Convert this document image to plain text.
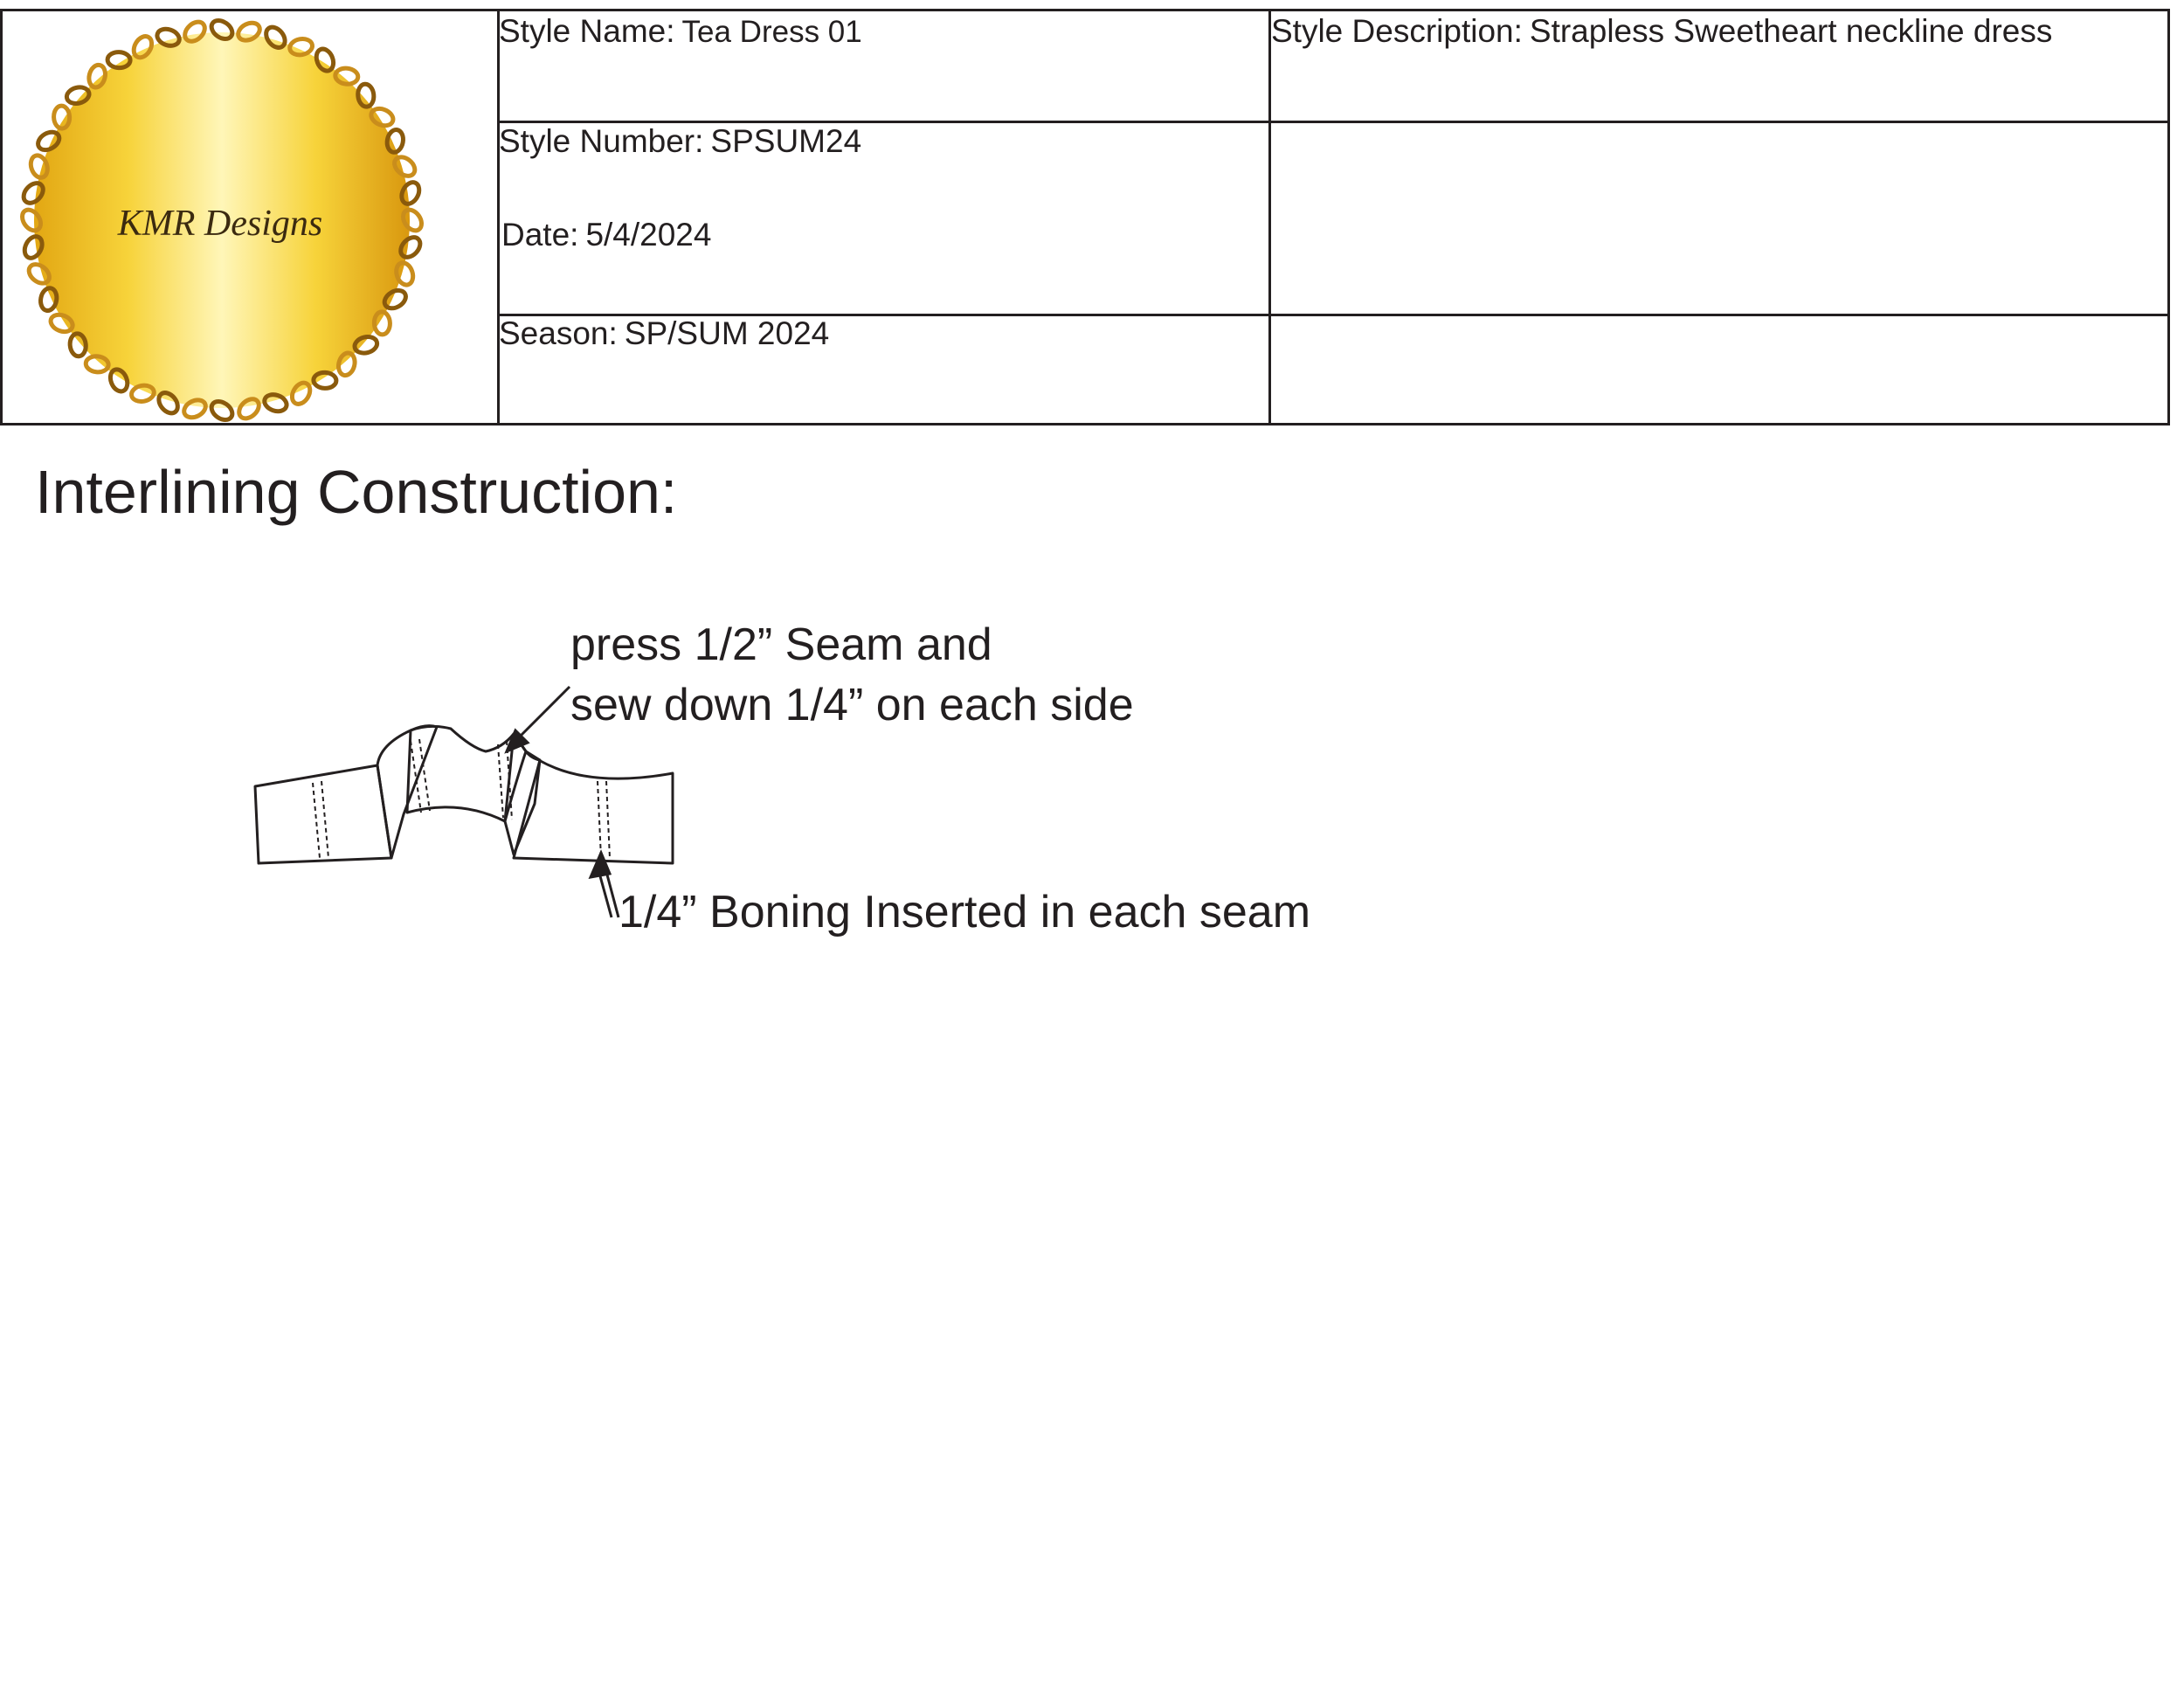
KMR Designs
Style Name: Tea Dress 01
Style Number: SPSUM24
Date: 5/4/2024
Season: SP/SUM 2024
Style Description: Strapless Sweetheart neckline dress
Interlining Construction:
press 1/2” Seam and
sew down 1/4” on each side
1/4” Boning Inserted in each seam
